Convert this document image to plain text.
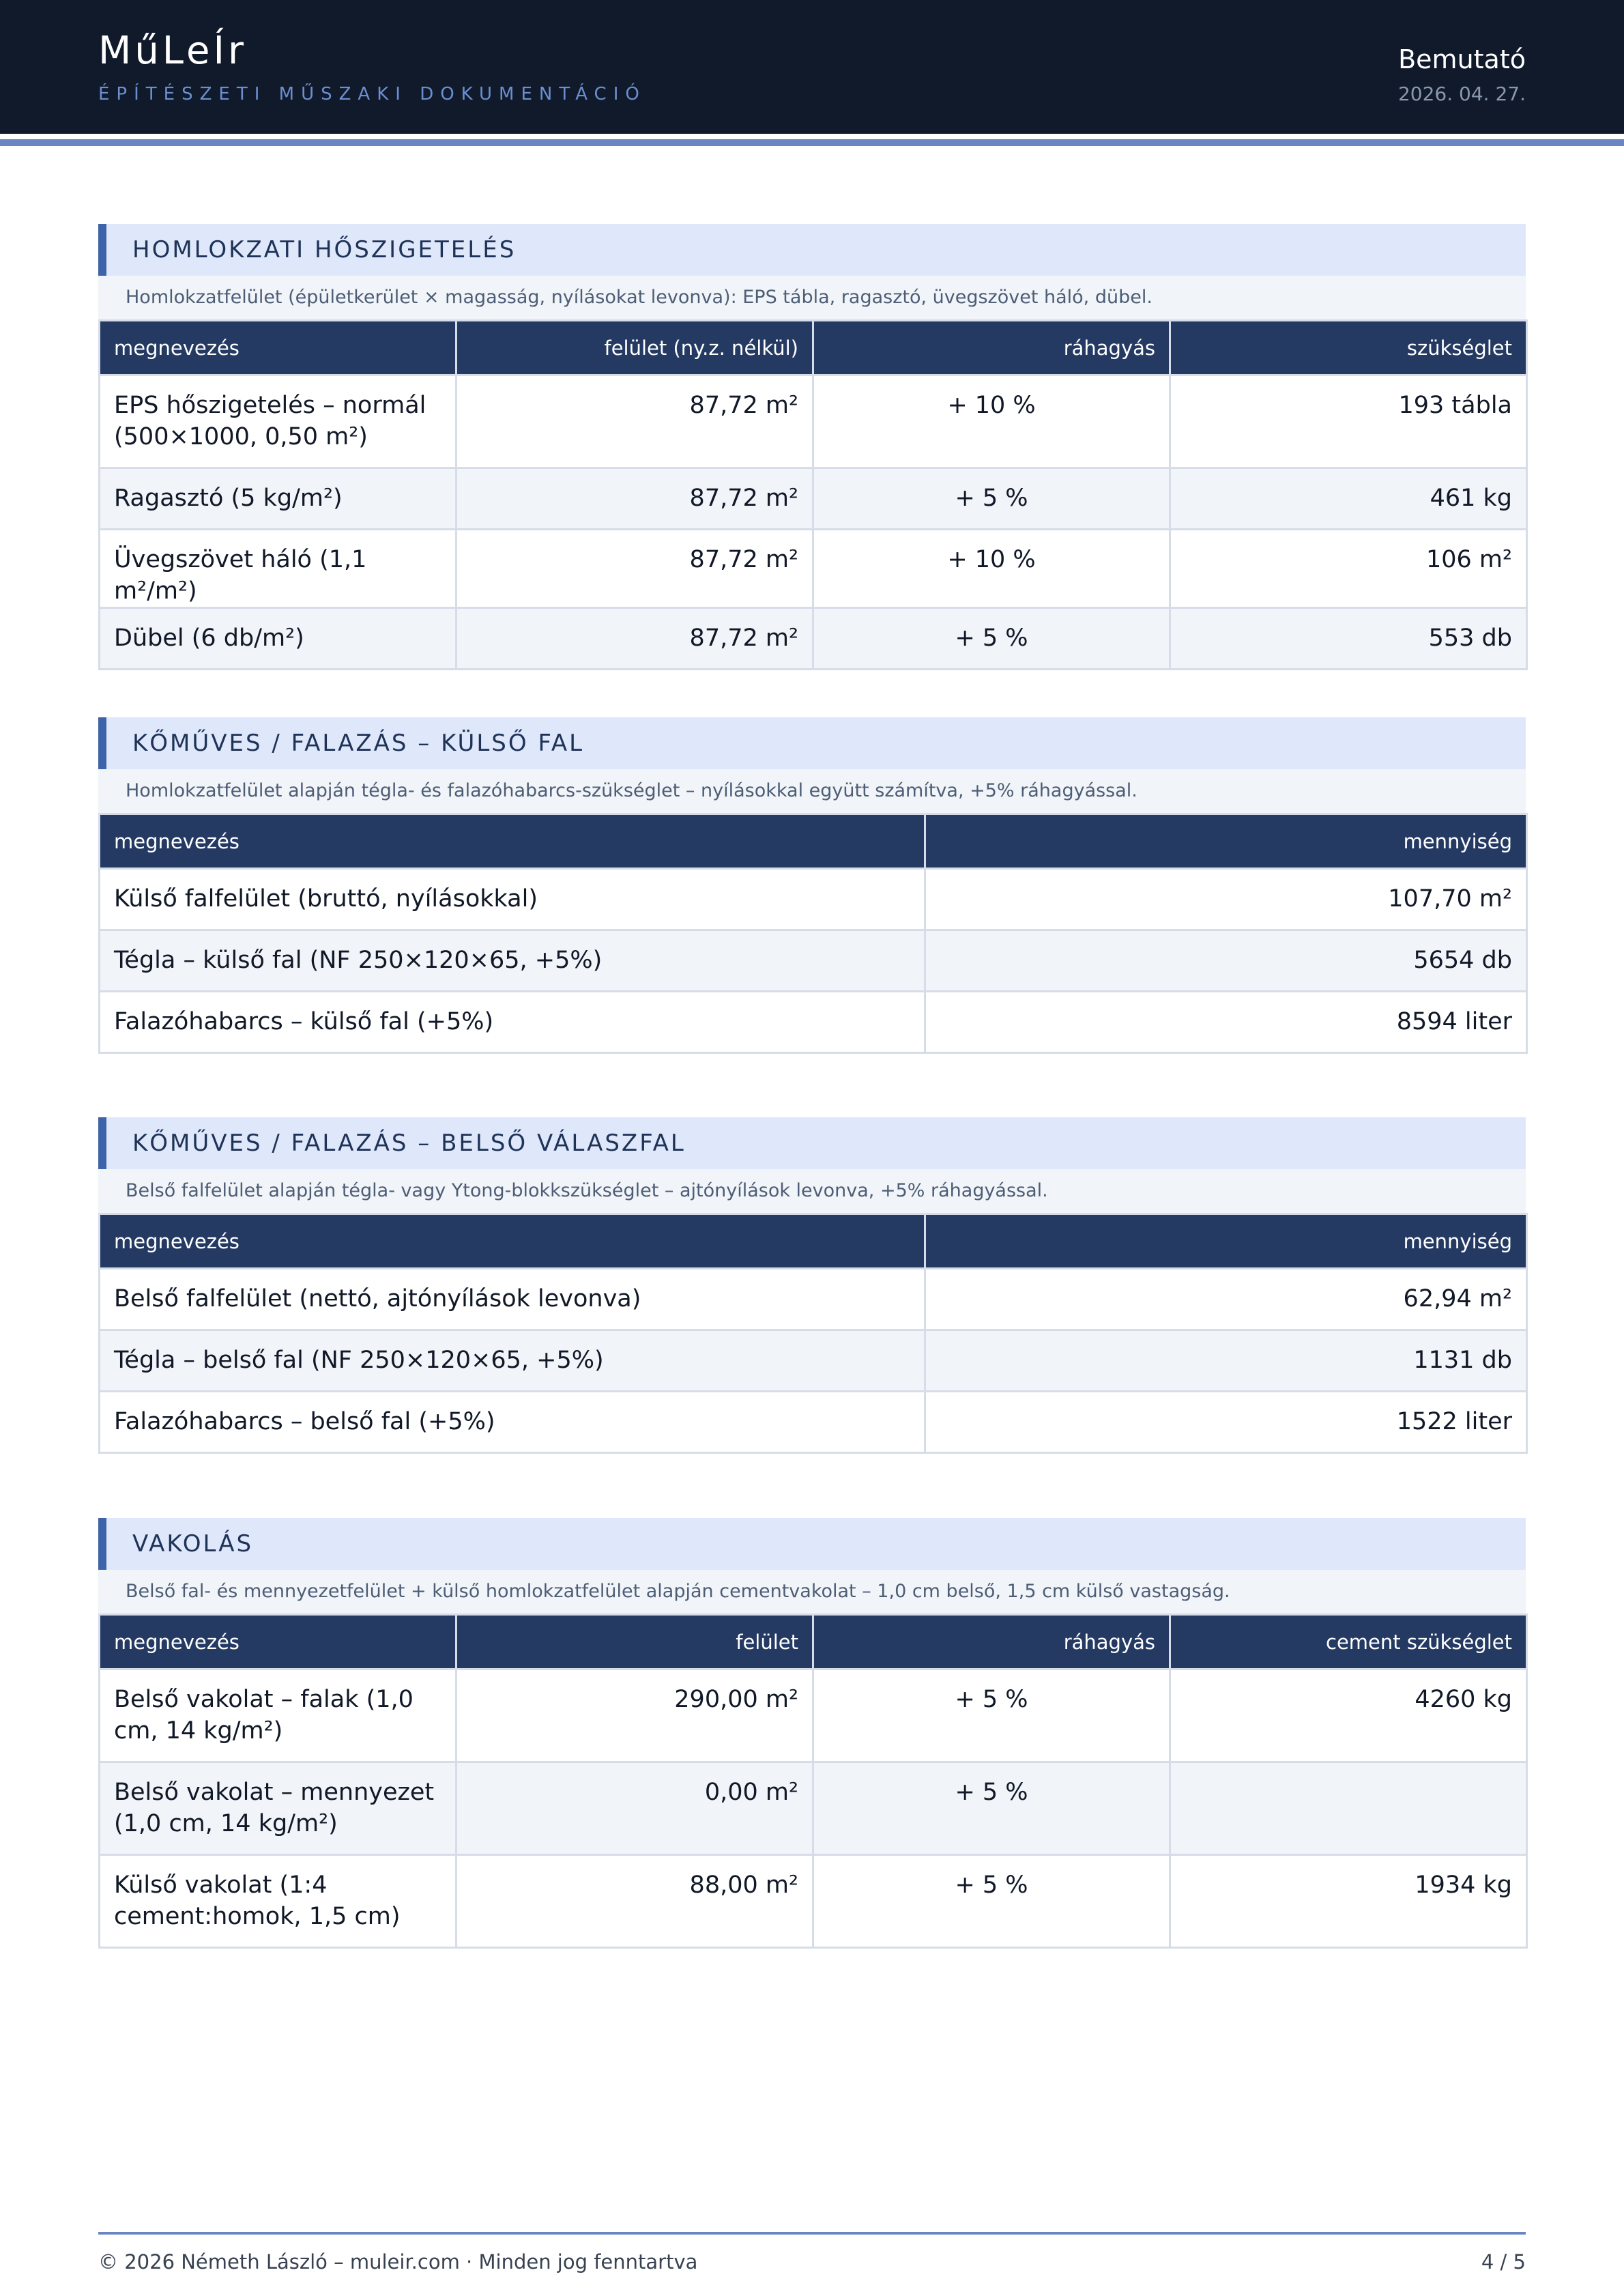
MűLeÍr
ÉPÍTÉSZETI MŰSZAKI DOKUMENTÁCIÓ
Bemutató
2026. 04. 27.
HOMLOKZATI HŐSZIGETELÉS
Homlokzatfelület (épületkerület × magasság, nyílásokat levonva): EPS tábla, ragasztó, üvegszövet háló, dübel.
megnevezés	felület (ny.z. nélkül)	ráhagyás	szükséglet
EPS hőszigetelés – normál (500×1000, 0,50 m²)	87,72 m²	+ 10 %	193 tábla
Ragasztó (5 kg/m²)	87,72 m²	+ 5 %	461 kg
Üvegszövet háló (1,1 m²/m²)	87,72 m²	+ 10 %	106 m²
Dübel (6 db/m²)	87,72 m²	+ 5 %	553 db
KŐMŰVES / FALAZÁS – KÜLSŐ FAL
Homlokzatfelület alapján tégla- és falazóhabarcs-szükséglet – nyílásokkal együtt számítva, +5% ráhagyással.
megnevezés	mennyiség
Külső falfelület (bruttó, nyílásokkal)	107,70 m²
Tégla – külső fal (NF 250×120×65, +5%)	5654 db
Falazóhabarcs – külső fal (+5%)	8594 liter
KŐMŰVES / FALAZÁS – BELSŐ VÁLASZFAL
Belső falfelület alapján tégla- vagy Ytong-blokkszükséglet – ajtónyílások levonva, +5% ráhagyással.
megnevezés	mennyiség
Belső falfelület (nettó, ajtónyílások levonva)	62,94 m²
Tégla – belső fal (NF 250×120×65, +5%)	1131 db
Falazóhabarcs – belső fal (+5%)	1522 liter
VAKOLÁS
Belső fal- és mennyezetfelület + külső homlokzatfelület alapján cementvakolat – 1,0 cm belső, 1,5 cm külső vastagság.
megnevezés	felület	ráhagyás	cement szükséglet
Belső vakolat – falak (1,0 cm, 14 kg/m²)	290,00 m²	+ 5 %	4260 kg
Belső vakolat – mennyezet (1,0 cm, 14 kg/m²)	0,00 m²	+ 5 %	
Külső vakolat (1:4 cement:homok, 1,5 cm)	88,00 m²	+ 5 %	1934 kg
© 2026 Németh László – muleir.com · Minden jog fenntartva	4 / 5
